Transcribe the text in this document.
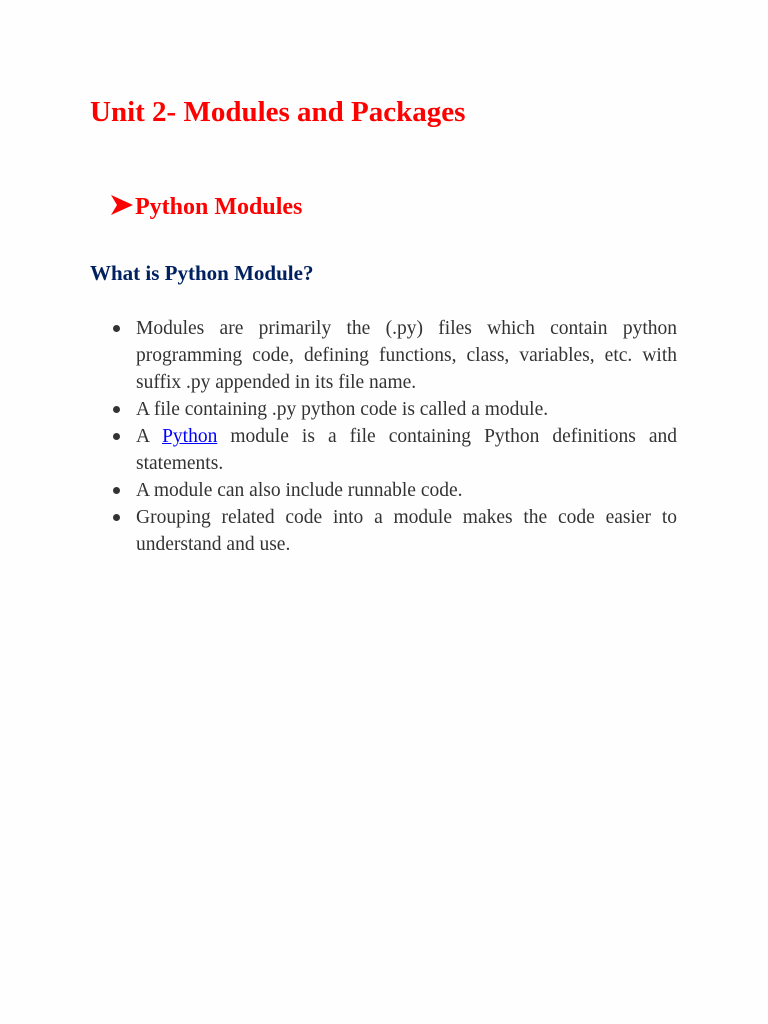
Unit 2- Modules and Packages
Python Modules
What is Python Module?
Modules are primarily the (.py) files which contain python programming code, defining functions, class, variables, etc. with suffix .py appended in its file name.
A file containing .py python code is called a module.
A Python module is a file containing Python definitions and statements.
A module can also include runnable code.
Grouping related code into a module makes the code easier to understand and use.
